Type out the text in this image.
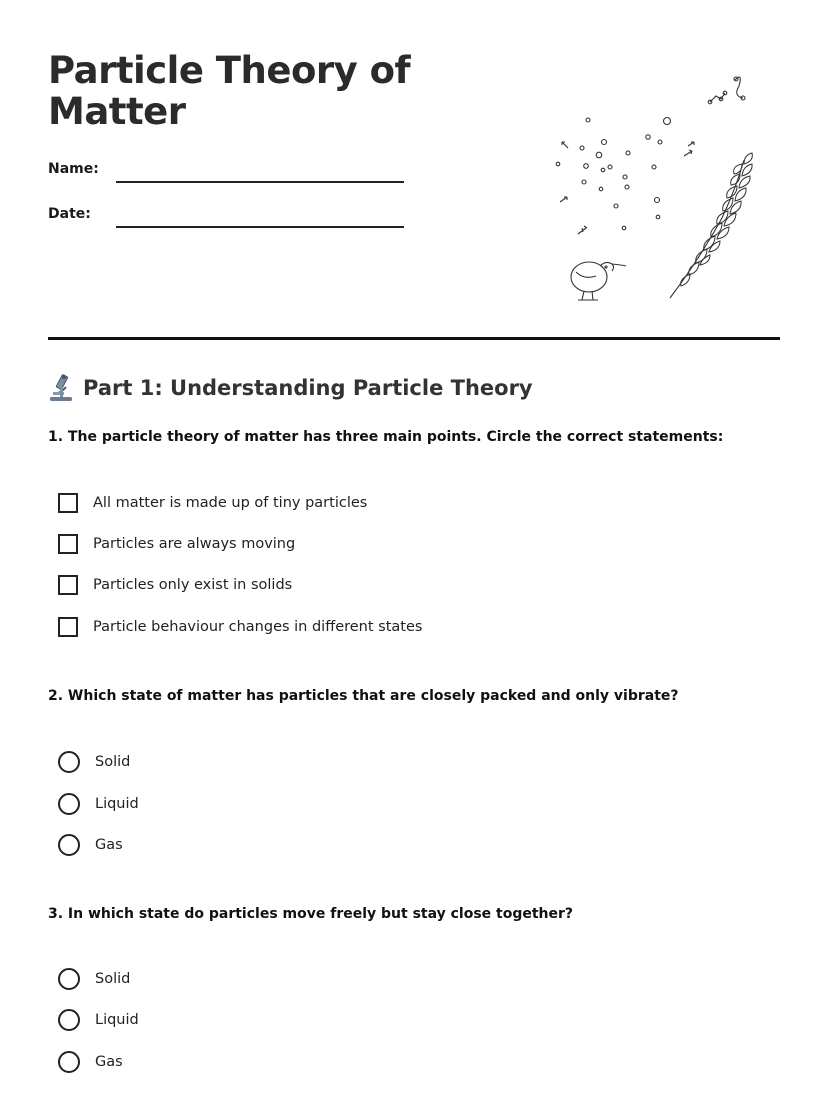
Particle Theory of Matter
Name:
Date:
Part 1: Understanding Particle Theory
1. The particle theory of matter has three main points. Circle the correct statements:
All matter is made up of tiny particles
Particles are always moving
Particles only exist in solids
Particle behaviour changes in different states
2. Which state of matter has particles that are closely packed and only vibrate?
Solid
Liquid
Gas
3. In which state do particles move freely but stay close together?
Solid
Liquid
Gas
